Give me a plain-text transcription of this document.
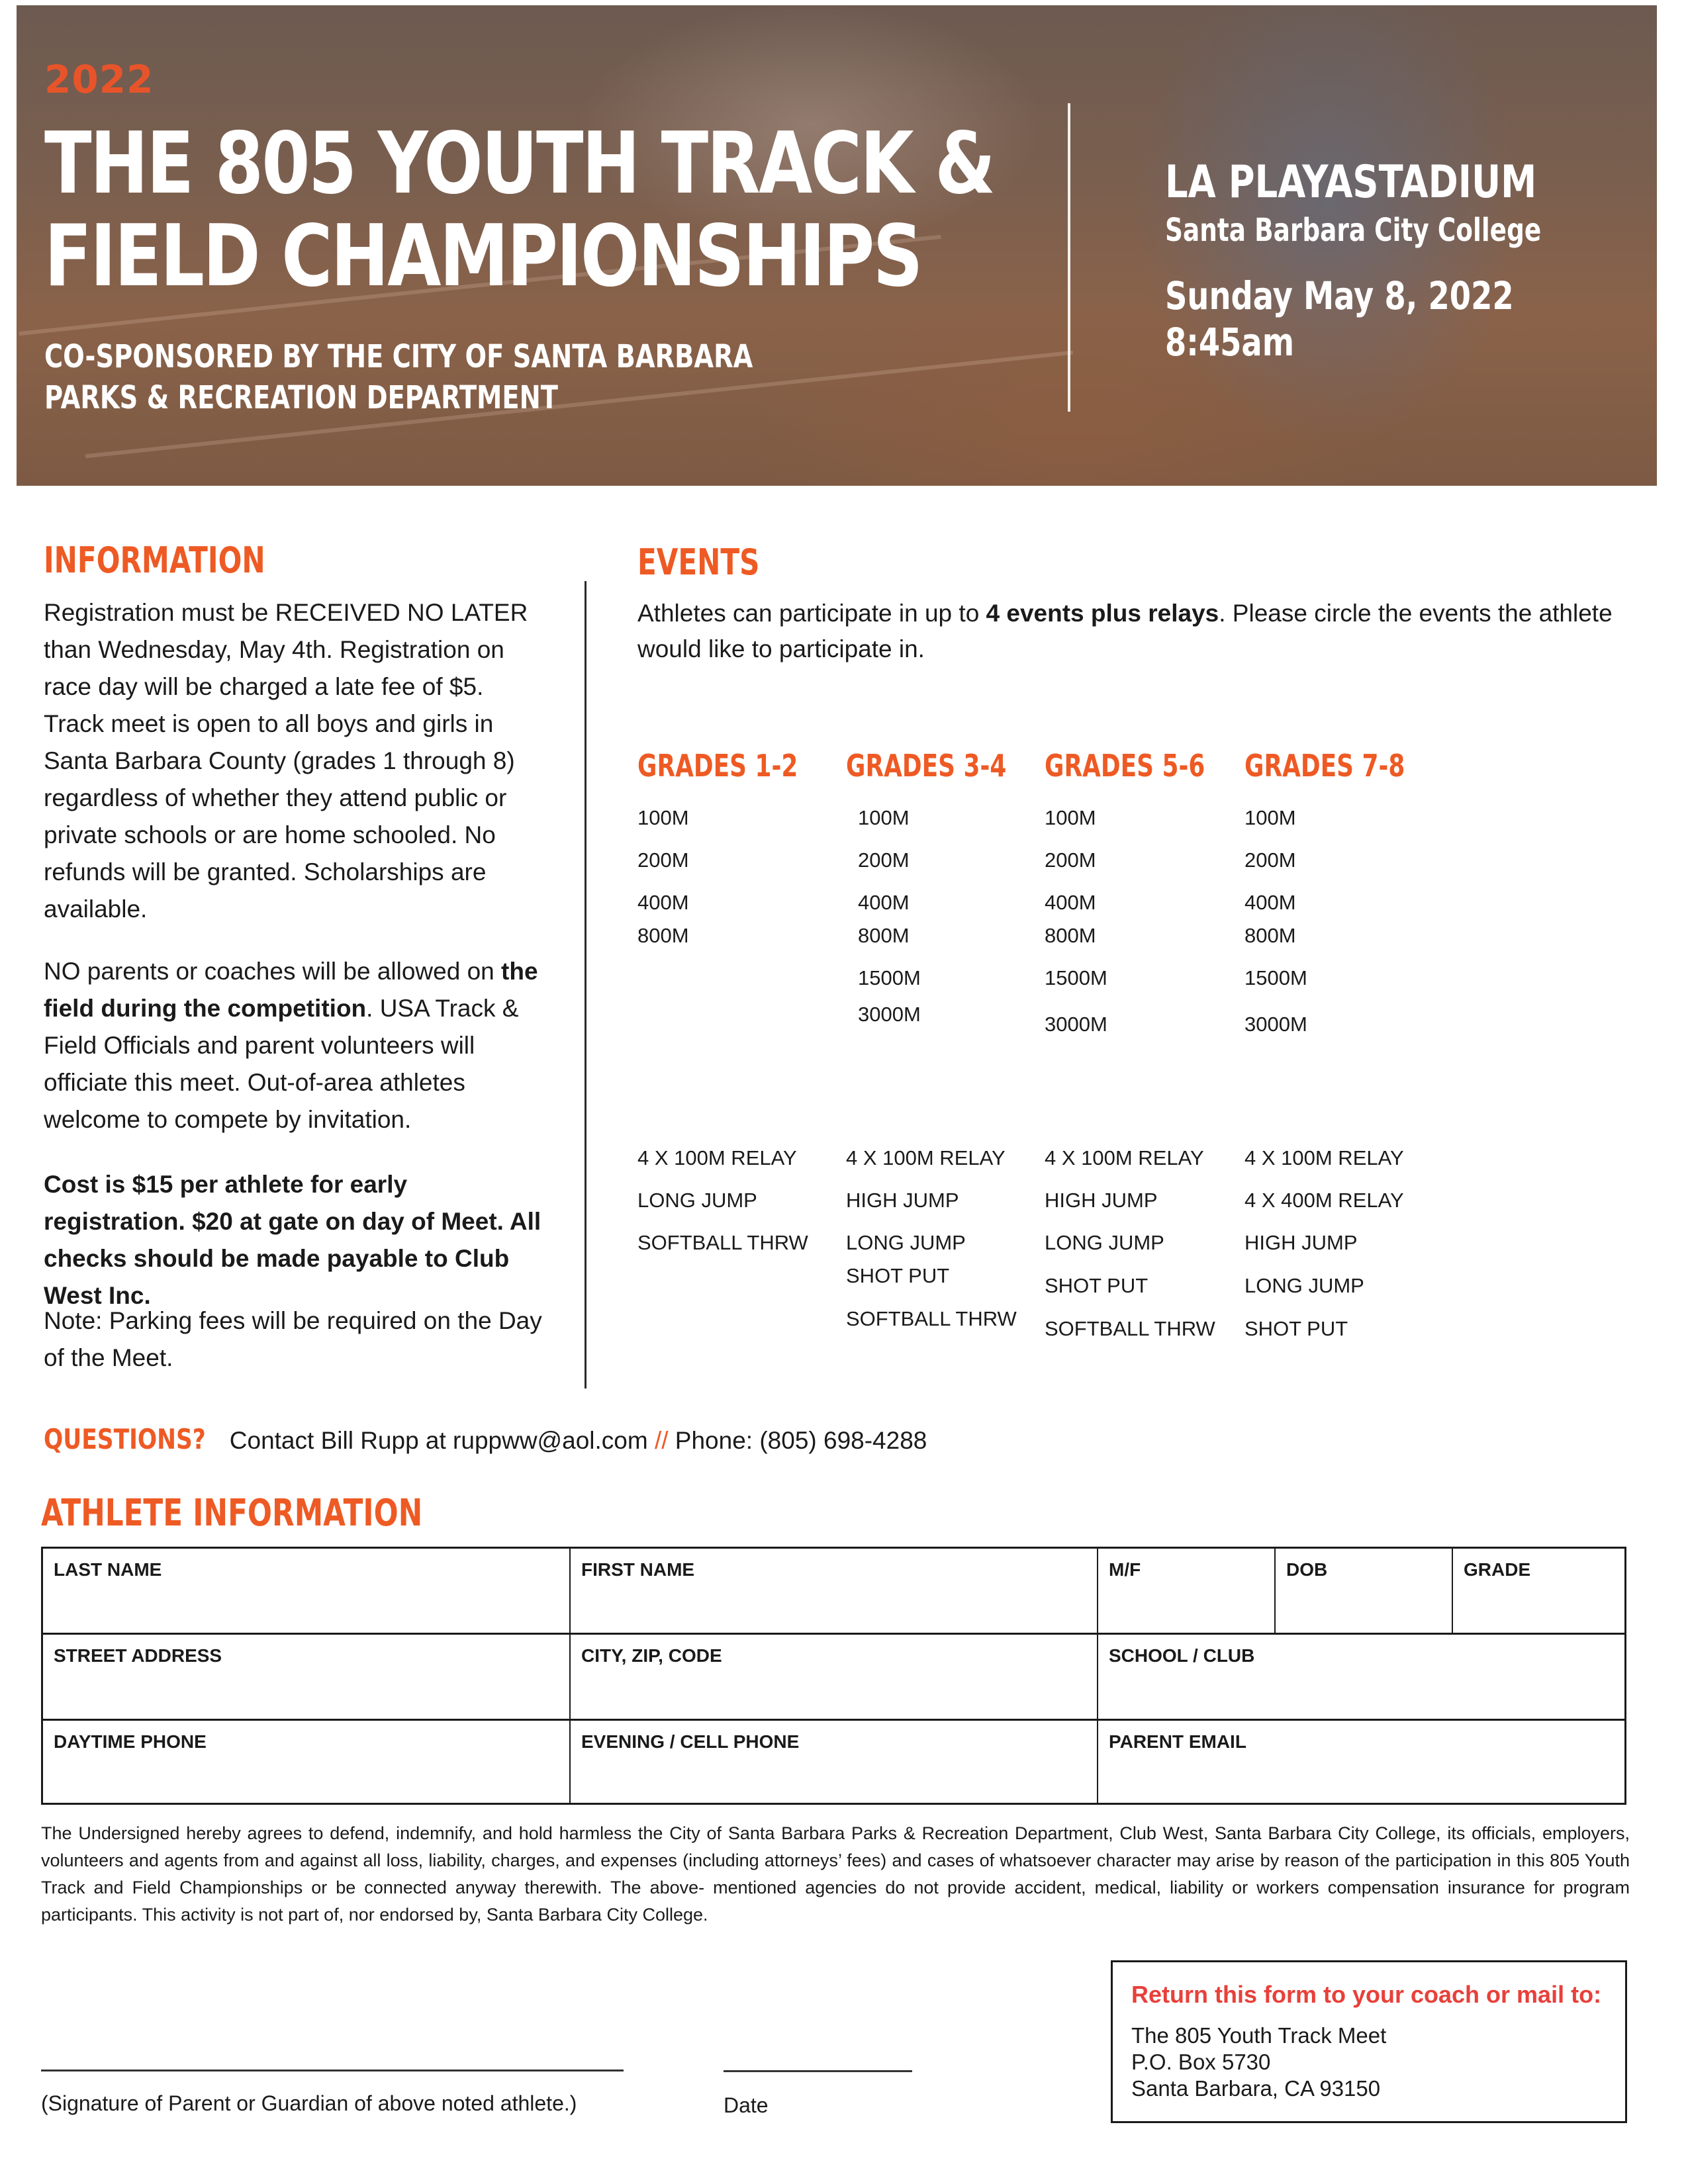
2022
THE 805 YOUTH TRACK &
FIELD CHAMPIONSHIPS
CO-SPONSORED BY THE CITY OF SANTA BARBARA
PARKS & RECREATION DEPARTMENT
LA PLAYASTADIUM
Santa Barbara City College
Sunday May 8, 2022
8:45am
INFORMATION
Registration must be RECEIVED NO LATER than Wednesday, May 4th. Registration on race day will be charged a late fee of $5. Track meet is open to all boys and girls in Santa Barbara County (grades 1 through 8) regardless of whether they attend public or private schools or are home schooled. No refunds will be granted. Scholarships are available.
NO parents or coaches will be allowed on the field during the competition. USA Track & Field Officials and parent volunteers will officiate this meet. Out-of-area athletes welcome to compete by invitation.
Cost is $15 per athlete for early registration. $20 at gate on day of Meet. All checks should be made payable to Club West Inc.
Note: Parking fees will be required on the Day of the Meet.
EVENTS
Athletes can participate in up to 4 events plus relays. Please circle the events the athlete would like to participate in.
GRADES 1-2
100M
200M
400M
800M
4 X 100M RELAY
LONG JUMP
SOFTBALL THRW
GRADES 3-4
100M
200M
400M
800M
1500M
3000M
4 X 100M RELAY
HIGH JUMP
LONG JUMP
SHOT PUT
SOFTBALL THRW
GRADES 5-6
100M
200M
400M
800M
1500M
3000M
4 X 100M RELAY
HIGH JUMP
LONG JUMP
SHOT PUT
SOFTBALL THRW
GRADES 7-8
100M
200M
400M
800M
1500M
3000M
4 X 100M RELAY
4 X 400M RELAY
HIGH JUMP
LONG JUMP
SHOT PUT
QUESTIONS? Contact Bill Rupp at ruppww@aol.com // Phone: (805) 698-4288
ATHLETE INFORMATION
LAST NAME	FIRST NAME	M/F	DOB	GRADE
STREET ADDRESS	CITY, ZIP, CODE	SCHOOL / CLUB
DAYTIME PHONE	EVENING / CELL PHONE	PARENT EMAIL
The Undersigned hereby agrees to defend, indemnify, and hold harmless the City of Santa Barbara Parks & Recreation Department, Club West, Santa Barbara City College, its officials, employers, volunteers and agents from and against all loss, liability, charges, and expenses (including attorneys’ fees) and cases of whatsoever character may arise by reason of the participation in this 805 Youth Track and Field Championships or be connected anyway therewith. The above- mentioned agencies do not provide accident, medical, liability or workers compensation insurance for program participants. This activity is not part of, nor endorsed by, Santa Barbara City College.
(Signature of Parent or Guardian of above noted athlete.)	Date
Return this form to your coach or mail to:
The 805 Youth Track Meet
P.O. Box 5730
Santa Barbara, CA 93150
